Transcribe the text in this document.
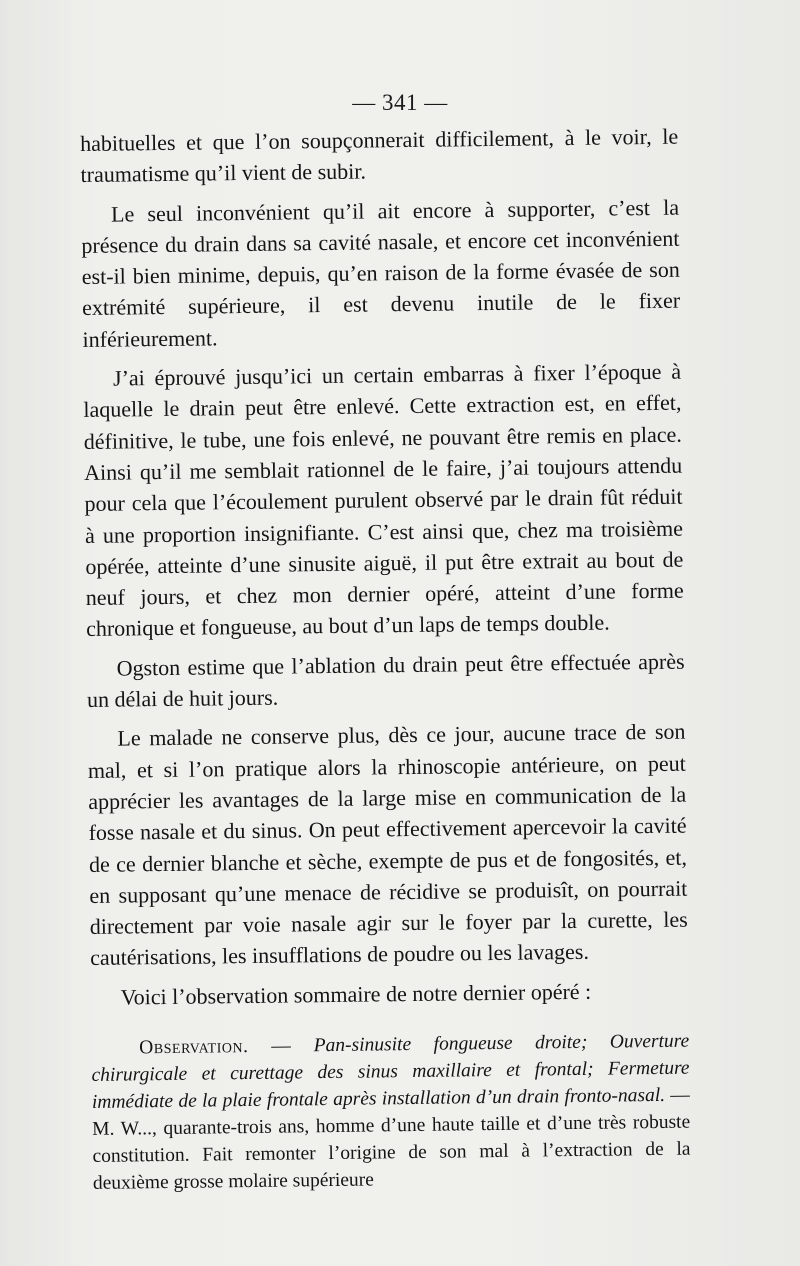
— 341 —

habituelles et que l’on soupçonnerait difficilement, à le voir, le traumatisme qu’il vient de subir.

Le seul inconvénient qu’il ait encore à supporter, c’est la présence du drain dans sa cavité nasale, et encore cet inconvénient est-il bien minime, depuis, qu’en raison de la forme évasée de son extrémité supérieure, il est devenu inutile de le fixer inférieurement.

J’ai éprouvé jusqu’ici un certain embarras à fixer l’époque à laquelle le drain peut être enlevé. Cette extraction est, en effet, définitive, le tube, une fois enlevé, ne pouvant être remis en place. Ainsi qu’il me semblait rationnel de le faire, j’ai toujours attendu pour cela que l’écoulement purulent observé par le drain fût réduit à une proportion insignifiante. C’est ainsi que, chez ma troisième opérée, atteinte d’une sinusite aiguë, il put être extrait au bout de neuf jours, et chez mon dernier opéré, atteint d’une forme chronique et fongueuse, au bout d’un laps de temps double.

Ogston estime que l’ablation du drain peut être effectuée après un délai de huit jours.

Le malade ne conserve plus, dès ce jour, aucune trace de son mal, et si l’on pratique alors la rhinoscopie antérieure, on peut apprécier les avantages de la large mise en communication de la fosse nasale et du sinus. On peut effectivement apercevoir la cavité de ce dernier blanche et sèche, exempte de pus et de fongosités, et, en supposant qu’une menace de récidive se produisît, on pourrait directement par voie nasale agir sur le foyer par la curette, les cautérisations, les insufflations de poudre ou les lavages.

Voici l’observation sommaire de notre dernier opéré :

Observation. — Pan-sinusite fongueuse droite; Ouverture chirurgicale et curettage des sinus maxillaire et frontal; Fermeture immédiate de la plaie frontale après installation d’un drain fronto-nasal. — M. W..., quarante-trois ans, homme d’une haute taille et d’une très robuste constitution. Fait remonter l’origine de son mal à l’extraction de la deuxième grosse molaire supérieure
